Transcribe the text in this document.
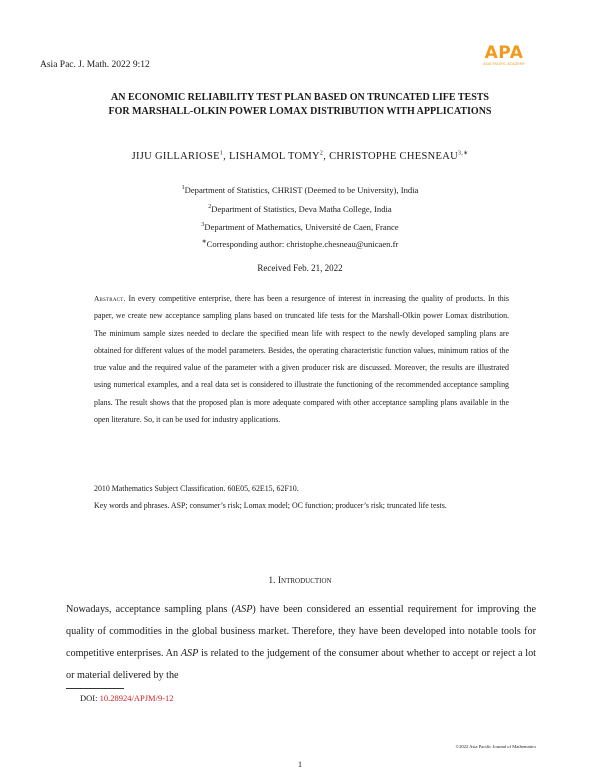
Asia Pac. J. Math. 2022 9:12
APA
ASIA PACIFIC ACADEMY
AN ECONOMIC RELIABILITY TEST PLAN BASED ON TRUNCATED LIFE TESTS
FOR MARSHALL-OLKIN POWER LOMAX DISTRIBUTION WITH APPLICATIONS
JIJU GILLARIOSE$^1$, LISHAMOL TOMY$^2$, CHRISTOPHE $CHESNEAU^{3,∗}$
$^1$Department of Statistics, CHRIST (Deemed to be University), India
$^2$Department of Statistics, Deva Matha College, India
$^3$Department of Mathematics, Université de Caen, France
∗Corresponding author: christophe.chesneau@unicaen.fr
Received Feb. 21, 2022
Abstract. In every competitive enterprise, there has been a resurgence of interest in increasing the quality of products. In this paper, we create new acceptance sampling plans based on truncated life tests for the Marshall-Olkin power Lomax distribution. The minimum sample sizes needed to declare the specified mean life with respect to the newly developed sampling plans are obtained for different values of the model parameters. Besides, the operating characteristic function values, minimum ratios of the true value and the required value of the parameter with a given producer risk are discussed. Moreover, the results are illustrated using numerical examples, and a real data set is considered to illustrate the functioning of the recommended acceptance sampling plans. The result shows that the proposed plan is more adequate compared with other acceptance sampling plans available in the open literature. So, it can be used for industry applications.
2010 Mathematics Subject Classification. 60E05, 62E15, 62F10.
Key words and phrases. ASP; consumer’s risk; Lomax model; OC function; producer’s risk; truncated life tests.
1. Introduction
Nowadays, acceptance sampling plans (ASP) have been considered an essential requirement for improving the quality of commodities in the global business market. Therefore, they have been developed into notable tools for competitive enterprises. An ASP is related to the judgement of the consumer about whether to accept or reject a lot or material delivered by the
DOI: 10.28924/APJM/9-12
©2022 Asia Pacific Journal of Mathematics
1
